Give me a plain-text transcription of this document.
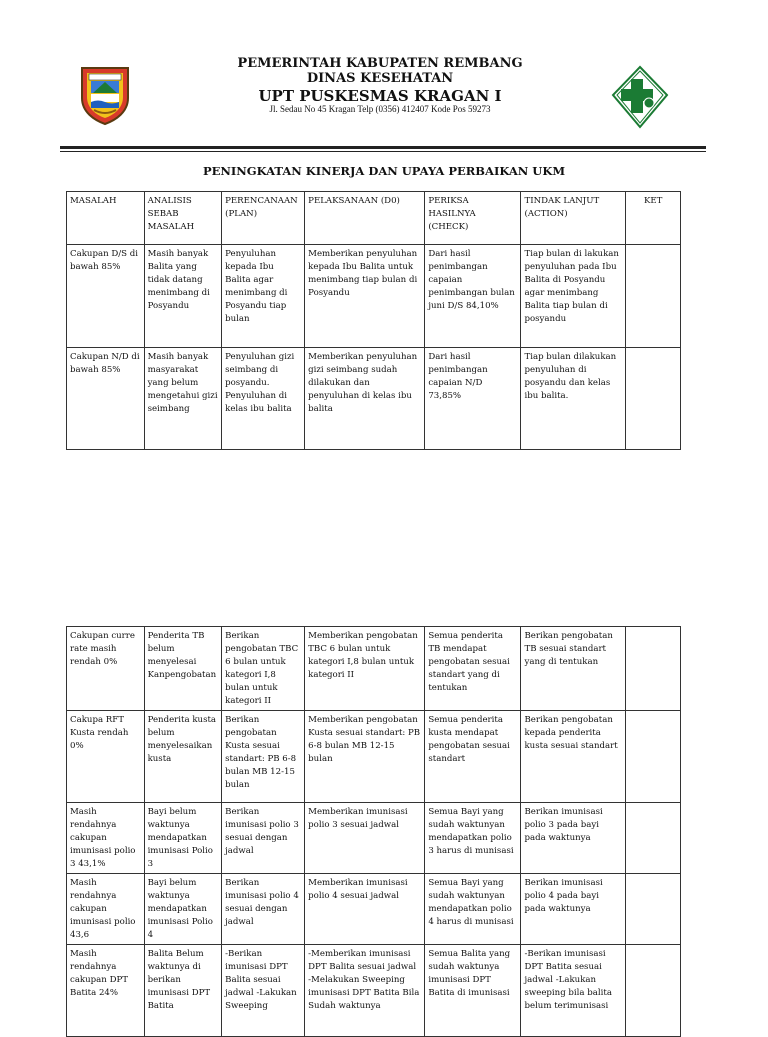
PEMERINTAH KABUPATEN REMBANG
DINAS KESEHATAN
UPT PUSKESMAS KRAGAN I
Jl. Sedau No 45 Kragan Telp (0356) 412407 Kode Pos 59273
PENINGKATAN KINERJA DAN UPAYA PERBAIKAN UKM
MASALAH	ANALISIS SEBAB MASALAH	PERENCANAAN (PLAN)	PELAKSANAAN (D0)	PERIKSA HASILNYA (CHECK)	TINDAK LANJUT (ACTION)	KET
Cakupan D/S di bawah 85%	Masih banyak Balita yang tidak datang menimbang di Posyandu	Penyuluhan kepada Ibu Balita agar menimbang di Posyandu tiap bulan	Memberikan penyuluhan kepada Ibu Balita untuk menimbang tiap bulan di Posyandu	Dari hasil penimbangan capaian penimbangan bulan juni D/S 84,10%	Tiap bulan di lakukan penyuluhan pada Ibu Balita di Posyandu agar menimbang Balita tiap bulan di posyandu	
Cakupan N/D di bawah 85%	Masih banyak masyarakat yang belum mengetahui gizi seimbang	Penyuluhan gizi seimbang di posyandu. Penyuluhan di kelas ibu balita	Memberikan penyuluhan gizi seimbang sudah dilakukan dan penyuluhan di kelas ibu balita	Dari hasil penimbangan capaian N/D 73,85%	Tiap bulan dilakukan penyuluhan di posyandu dan kelas ibu balita.	
Cakupan curre rate masih rendah 0%	Penderita TB belum menyelesai Kanpengobatan	Berikan pengobatan TBC 6 bulan untuk kategori I,8 bulan untuk kategori II	Memberikan pengobatan TBC 6 bulan untuk kategori I,8 bulan untuk kategori II	Semua penderita TB mendapat pengobatan sesuai standart yang di tentukan	Berikan pengobatan TB sesuai standart yang di tentukan	
Cakupa RFT Kusta rendah 0%	Penderita kusta belum menyelesaikan kusta	Berikan pengobatan Kusta sesuai standart: PB 6-8 bulan MB 12-15 bulan	Memberikan pengobatan Kusta sesuai standart: PB 6-8 bulan MB 12-15 bulan	Semua penderita kusta mendapat pengobatan sesuai standart	Berikan pengobatan kepada penderita kusta sesuai standart	
Masih rendahnya cakupan imunisasi polio 3 43,1%	Bayi belum waktunya mendapatkan imunisasi Polio 3	Berikan imunisasi polio 3 sesuai dengan jadwal	Memberikan imunisasi polio 3 sesuai jadwal	Semua Bayi yang sudah waktunyan mendapatkan polio 3 harus di munisasi	Berikan imunisasi polio 3 pada bayi pada waktunya	
Masih rendahnya cakupan imunisasi polio 43,6	Bayi belum waktunya mendapatkan imunisasi Polio 4	Berikan imunisasi polio 4 sesuai dengan jadwal	Memberikan imunisasi polio 4 sesuai jadwal	Semua Bayi yang sudah waktunyan mendapatkan polio 4 harus di munisasi	Berikan imunisasi polio 4 pada bayi pada waktunya	
Masih rendahnya cakupan DPT Batita 24%	Balita Belum waktunya di berikan imunisasi DPT Batita	-Berikan imunisasi DPT Balita sesuai jadwal -Lakukan Sweeping	-Memberikan imunisasi DPT Balita sesuai jadwal -Melakukan Sweeping imunisasi DPT Batita Bila Sudah waktunya	Semua Balita yang sudah waktunya imunisasi DPT Batita di imunisasi	-Berikan imunisasi DPT Batita sesuai jadwal -Lakukan sweeping bila balita belum terimunisasi	
